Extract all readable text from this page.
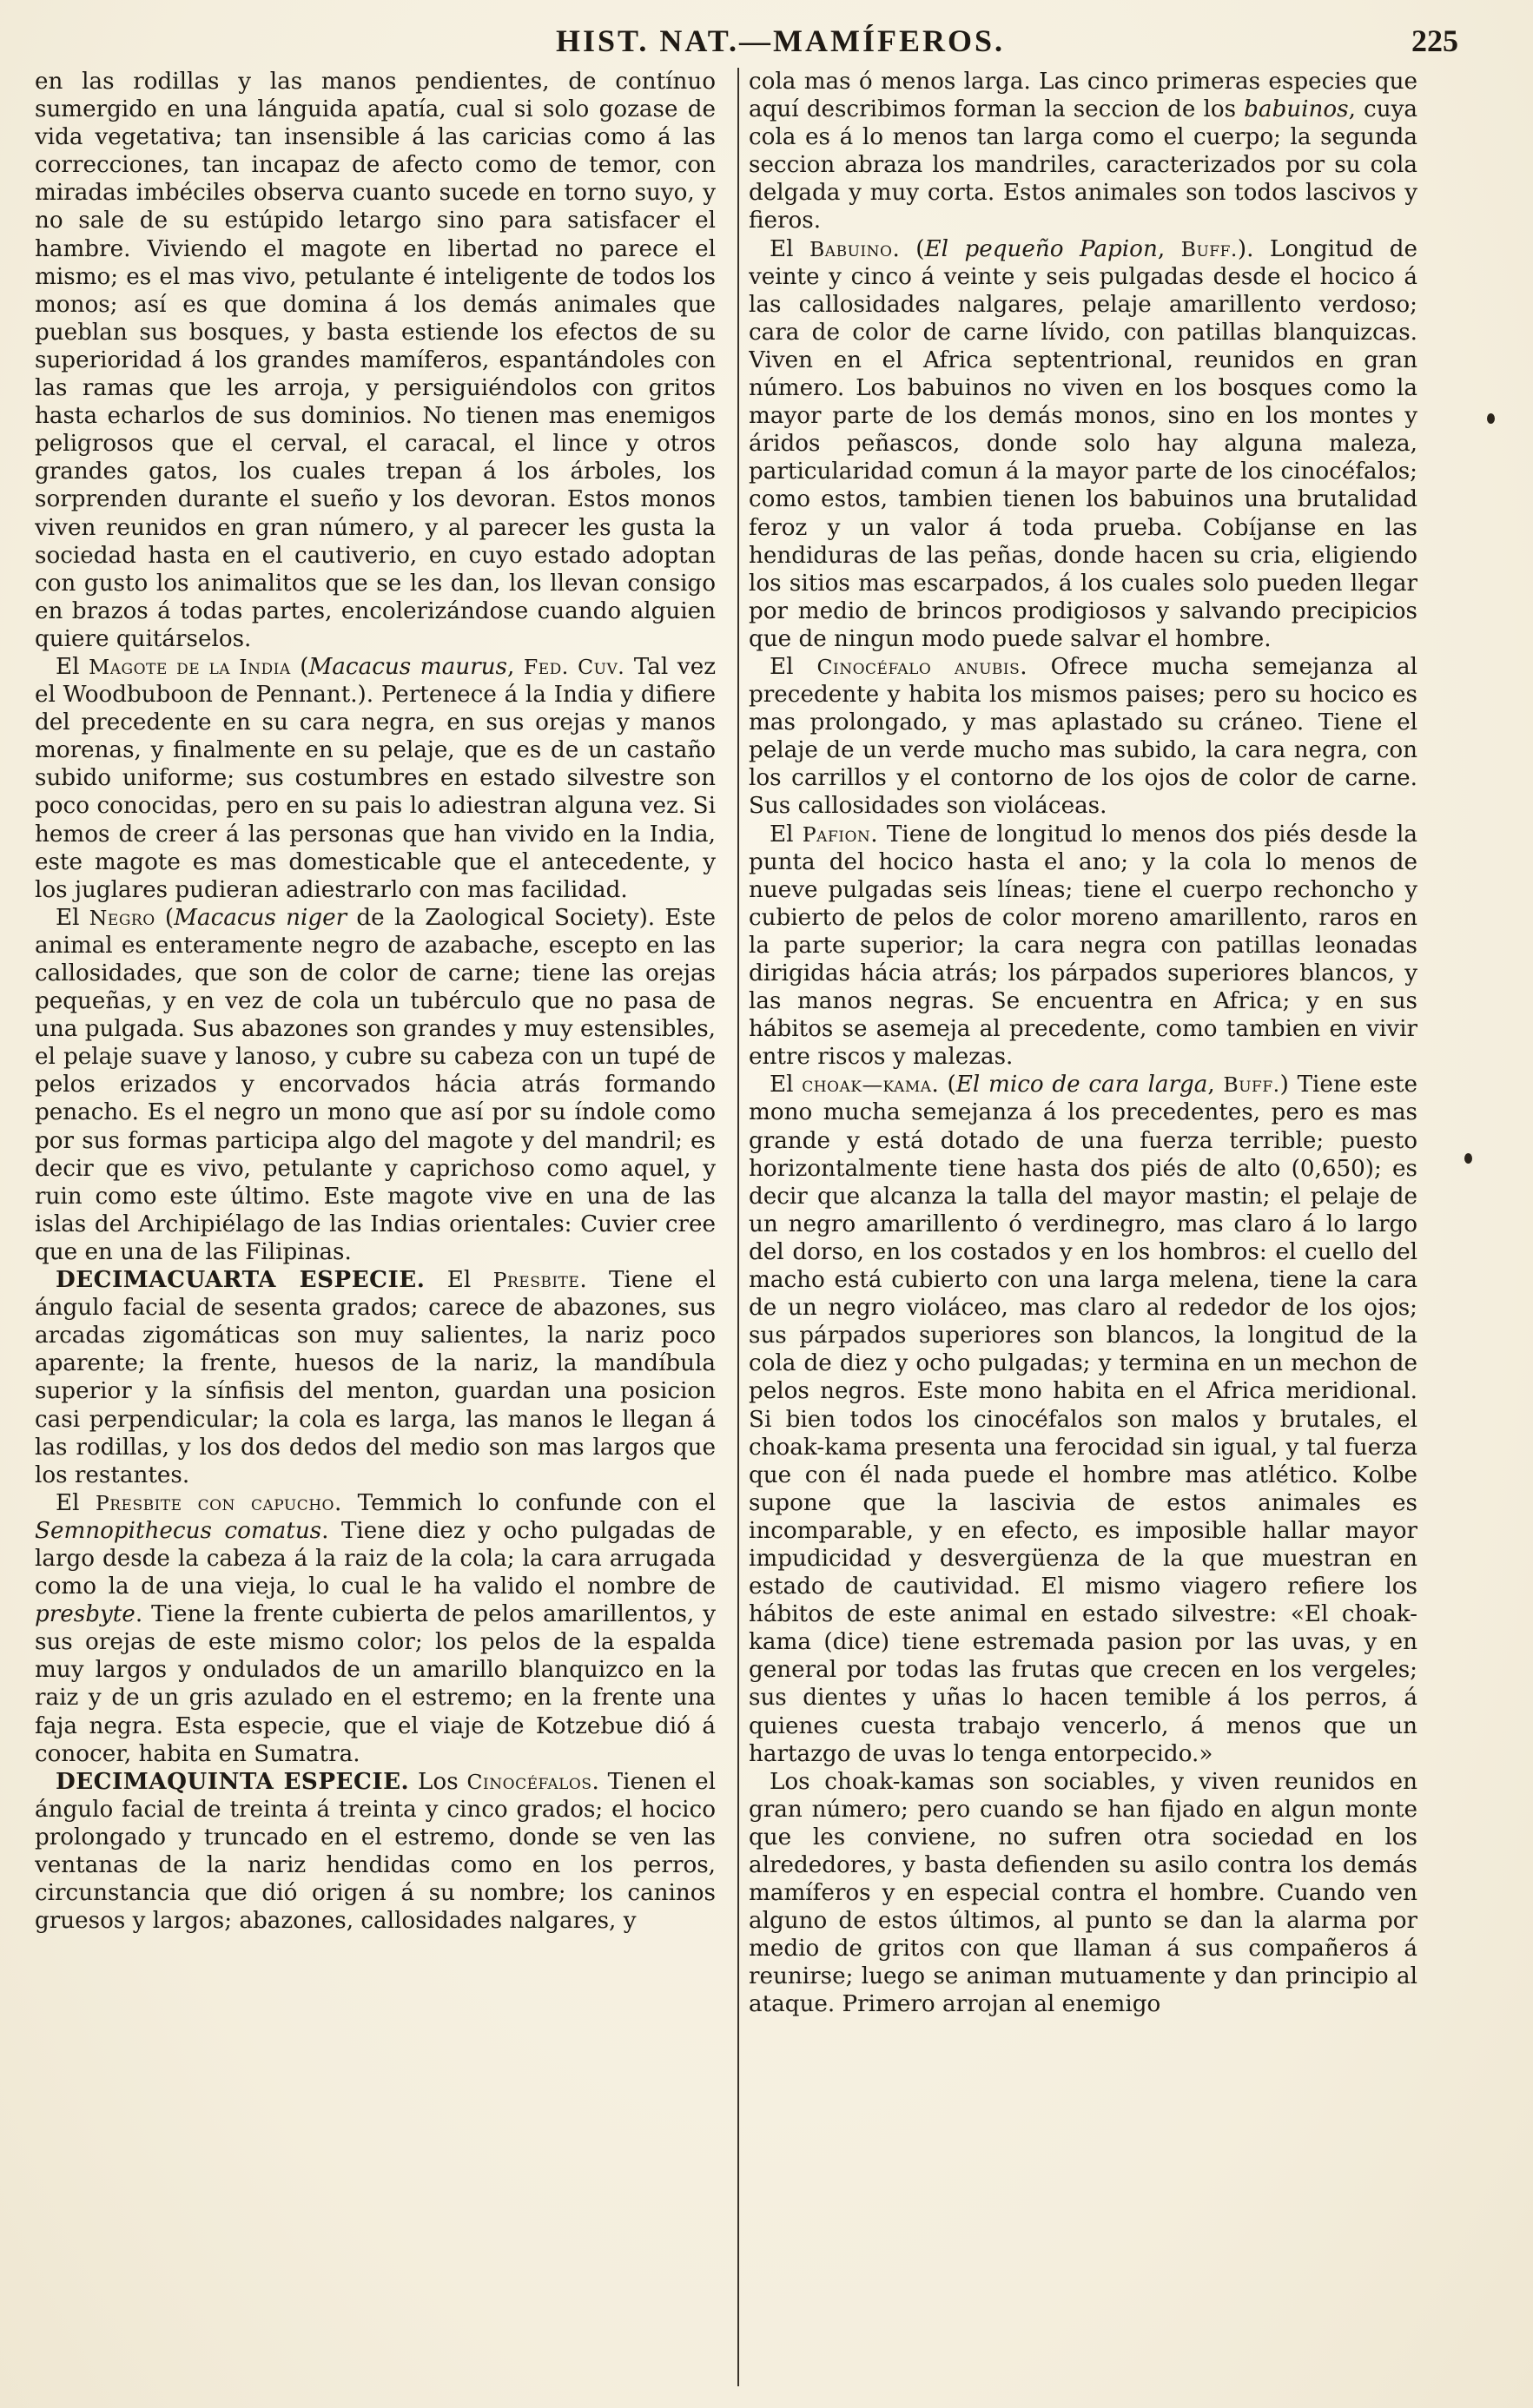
HIST. NAT.—MAMÍFEROS.	225

en las rodillas y las manos pendientes, de contínuo sumergido en una lánguida apatía, cual si solo gozase de vida vegetativa; tan insensible á las caricias como á las correcciones, tan incapaz de afecto como de temor, con miradas imbéciles observa cuanto sucede en torno suyo, y no sale de su estúpido letargo sino para satisfacer el hambre. Viviendo el magote en libertad no parece el mismo; es el mas vivo, petulante é inteligente de todos los monos; así es que domina á los demás animales que pueblan sus bosques, y basta estiende los efectos de su superioridad á los grandes mamíferos, espantándoles con las ramas que les arroja, y persiguiéndolos con gritos hasta echarlos de sus dominios. No tienen mas enemigos peligrosos que el cerval, el caracal, el lince y otros grandes gatos, los cuales trepan á los árboles, los sorprenden durante el sueño y los devoran. Estos monos viven reunidos en gran número, y al parecer les gusta la sociedad hasta en el cautiverio, en cuyo estado adoptan con gusto los animalitos que se les dan, los llevan consigo en brazos á todas partes, encolerizándose cuando alguien quiere quitárselos.

El Magote de la India (Macacus maurus, Fed. Cuv. Tal vez el Woodbuboon de Pennant.). Pertenece á la India y difiere del precedente en su cara negra, en sus orejas y manos morenas, y finalmente en su pelaje, que es de un castaño subido uniforme; sus costumbres en estado silvestre son poco conocidas, pero en su pais lo adiestran alguna vez. Si hemos de creer á las personas que han vivido en la India, este magote es mas domesticable que el antecedente, y los juglares pudieran adiestrarlo con mas facilidad.

El Negro (Macacus niger de la Zaological Society). Este animal es enteramente negro de azabache, escepto en las callosidades, que son de color de carne; tiene las orejas pequeñas, y en vez de cola un tubérculo que no pasa de una pulgada. Sus abazones son grandes y muy estensibles, el pelaje suave y lanoso, y cubre su cabeza con un tupé de pelos erizados y encorvados hácia atrás formando penacho. Es el negro un mono que así por su índole como por sus formas participa algo del magote y del mandril; es decir que es vivo, petulante y caprichoso como aquel, y ruin como este último. Este magote vive en una de las islas del Archipiélago de las Indias orientales: Cuvier cree que en una de las Filipinas.

DECIMACUARTA ESPECIE. El Presbite. Tiene el ángulo facial de sesenta grados; carece de abazones, sus arcadas zigomáticas son muy salientes, la nariz poco aparente; la frente, huesos de la nariz, la mandíbula superior y la sínfisis del menton, guardan una posicion casi perpendicular; la cola es larga, las manos le llegan á las rodillas, y los dos dedos del medio son mas largos que los restantes.

El Presbite con capucho. Temmich lo confunde con el Semnopithecus comatus. Tiene diez y ocho pulgadas de largo desde la cabeza á la raiz de la cola; la cara arrugada como la de una vieja, lo cual le ha valido el nombre de presbyte. Tiene la frente cubierta de pelos amarillentos, y sus orejas de este mismo color; los pelos de la espalda muy largos y ondulados de un amarillo blanquizco en la raiz y de un gris azulado en el estremo; en la frente una faja negra. Esta especie, que el viaje de Kotzebue dió á conocer, habita en Sumatra.

DECIMAQUINTA ESPECIE. Los Cinocéfalos. Tienen el ángulo facial de treinta á treinta y cinco grados; el hocico prolongado y truncado en el estremo, donde se ven las ventanas de la nariz hendidas como en los perros, circunstancia que dió origen á su nombre; los caninos gruesos y largos; abazones, callosidades nalgares, y

cola mas ó menos larga. Las cinco primeras especies que aquí describimos forman la seccion de los babuinos, cuya cola es á lo menos tan larga como el cuerpo; la segunda seccion abraza los mandriles, caracterizados por su cola delgada y muy corta. Estos animales son todos lascivos y fieros.

El Babuino. (El pequeño Papion, Buff.). Longitud de veinte y cinco á veinte y seis pulgadas desde el hocico á las callosidades nalgares, pelaje amarillento verdoso; cara de color de carne lívido, con patillas blanquizcas. Viven en el Africa septentrional, reunidos en gran número. Los babuinos no viven en los bosques como la mayor parte de los demás monos, sino en los montes y áridos peñascos, donde solo hay alguna maleza, particularidad comun á la mayor parte de los cinocéfalos; como estos, tambien tienen los babuinos una brutalidad feroz y un valor á toda prueba. Cobíjanse en las hendiduras de las peñas, donde hacen su cria, eligiendo los sitios mas escarpados, á los cuales solo pueden llegar por medio de brincos prodigiosos y salvando precipicios que de ningun modo puede salvar el hombre.

El Cinocéfalo anubis. Ofrece mucha semejanza al precedente y habita los mismos paises; pero su hocico es mas prolongado, y mas aplastado su cráneo. Tiene el pelaje de un verde mucho mas subido, la cara negra, con los carrillos y el contorno de los ojos de color de carne. Sus callosidades son violáceas.

El Pafion. Tiene de longitud lo menos dos piés desde la punta del hocico hasta el ano; y la cola lo menos de nueve pulgadas seis líneas; tiene el cuerpo rechoncho y cubierto de pelos de color moreno amarillento, raros en la parte superior; la cara negra con patillas leonadas dirigidas hácia atrás; los párpados superiores blancos, y las manos negras. Se encuentra en Africa; y en sus hábitos se asemeja al precedente, como tambien en vivir entre riscos y malezas.

El choak—kama. (El mico de cara larga, Buff.) Tiene este mono mucha semejanza á los precedentes, pero es mas grande y está dotado de una fuerza terrible; puesto horizontalmente tiene hasta dos piés de alto (0,650); es decir que alcanza la talla del mayor mastin; el pelaje de un negro amarillento ó verdinegro, mas claro á lo largo del dorso, en los costados y en los hombros: el cuello del macho está cubierto con una larga melena, tiene la cara de un negro violáceo, mas claro al rededor de los ojos; sus párpados superiores son blancos, la longitud de la cola de diez y ocho pulgadas; y termina en un mechon de pelos negros. Este mono habita en el Africa meridional. Si bien todos los cinocéfalos son malos y brutales, el choak-kama presenta una ferocidad sin igual, y tal fuerza que con él nada puede el hombre mas atlético. Kolbe supone que la lascivia de estos animales es incomparable, y en efecto, es imposible hallar mayor impudicidad y desvergüenza de la que muestran en estado de cautividad. El mismo viagero refiere los hábitos de este animal en estado silvestre: «El choak-kama (dice) tiene estremada pasion por las uvas, y en general por todas las frutas que crecen en los vergeles; sus dientes y uñas lo hacen temible á los perros, á quienes cuesta trabajo vencerlo, á menos que un hartazgo de uvas lo tenga entorpecido.»

Los choak-kamas son sociables, y viven reunidos en gran número; pero cuando se han fijado en algun monte que les conviene, no sufren otra sociedad en los alrededores, y basta defienden su asilo contra los demás mamíferos y en especial contra el hombre. Cuando ven alguno de estos últimos, al punto se dan la alarma por medio de gritos con que llaman á sus compañeros á reunirse; luego se animan mutuamente y dan principio al ataque. Primero arrojan al enemigo
